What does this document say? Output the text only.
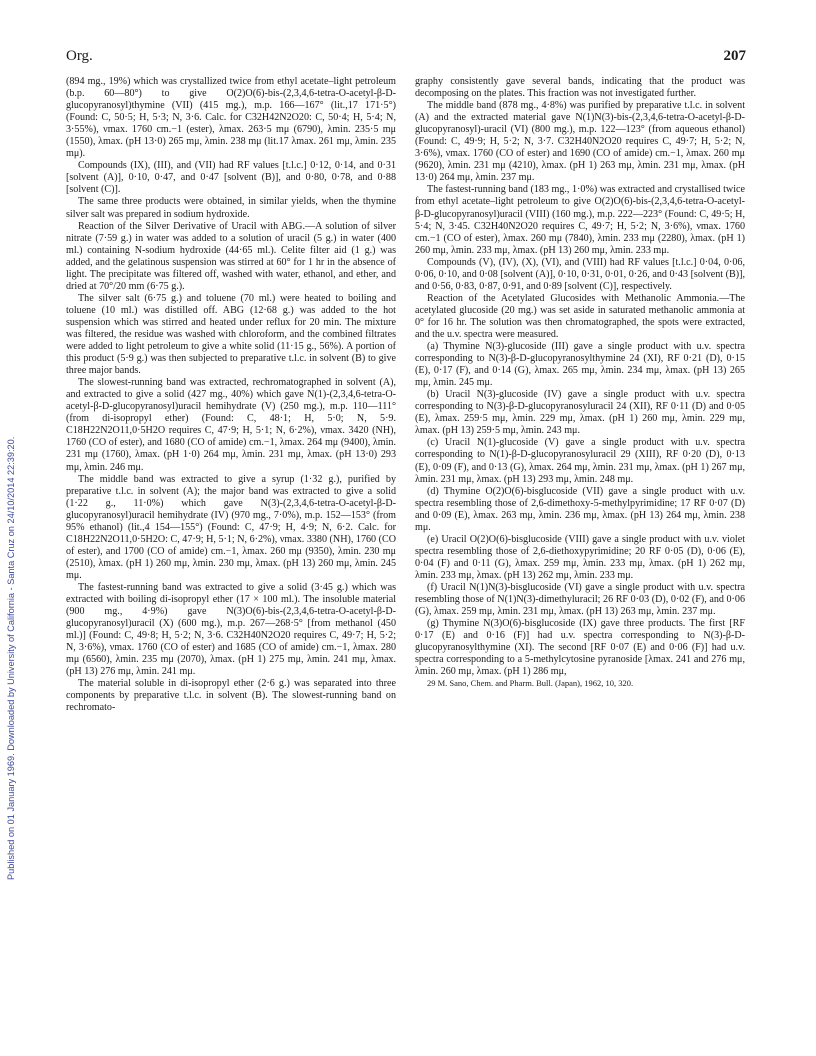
Org.	207
Published on 01 January 1969. Downloaded by University of California - Santa Cruz on 24/10/2014 22:39:20.

(894 mg., 19%) which was crystallized twice from ethyl acetate–light petroleum (b.p. 60—80°) to give O(2)O(6)-bis-(2,3,4,6-tetra-O-acetyl-β-D-glucopyranosyl)thymine (VII) (415 mg.), m.p. 166—167° (lit.,17 171·5°) (Found: C, 50·5; H, 5·3; N, 3·6. Calc. for C32H42N2O20: C, 50·4; H, 5·4; N, 3·55%), νmax. 1760 cm.−1 (ester), λmax. 263·5 mμ (6790), λmin. 235·5 mμ (1550), λmax. (pH 13·0) 265 mμ, λmin. 238 mμ (lit.17 λmax. 261 mμ, λmin. 235 mμ).

Compounds (IX), (III), and (VII) had RF values [t.l.c.] 0·12, 0·14, and 0·31 [solvent (A)], 0·10, 0·47, and 0·47 [solvent (B)], and 0·80, 0·78, and 0·88 [solvent (C)].

The same three products were obtained, in similar yields, when the thymine silver salt was prepared in sodium hydroxide.

Reaction of the Silver Derivative of Uracil with ABG.—A solution of silver nitrate (7·59 g.) in water was added to a solution of uracil (5 g.) in water (400 ml.) containing N-sodium hydroxide (44·65 ml.). Celite filter aid (1 g.) was added, and the gelatinous suspension was stirred at 60° for 1 hr in the absence of light. The precipitate was filtered off, washed with water, ethanol, and ether, and dried at 70°/20 mm (6·75 g.).

The silver salt (6·75 g.) and toluene (70 ml.) were heated to boiling and toluene (10 ml.) was distilled off. ABG (12·68 g.) was added to the hot suspension which was stirred and heated under reflux for 20 min. The mixture was filtered, the residue was washed with chloroform, and the combined filtrates were added to light petroleum to give a white solid (11·15 g., 56%). A portion of this product (5·9 g.) was then subjected to preparative t.l.c. in solvent (B) to give three major bands.

The slowest-running band was extracted, rechromatographed in solvent (A), and extracted to give a solid (427 mg., 40%) which gave N(1)-(2,3,4,6-tetra-O-acetyl-β-D-glucopyranosyl)uracil hemihydrate (V) (250 mg.), m.p. 110—111° (from di-isopropyl ether) (Found: C, 48·1; H, 5·0; N, 5·9. C18H22N2O11,0·5H2O requires C, 47·9; H, 5·1; N, 6·2%), νmax. 3420 (NH), 1760 (CO of ester), and 1680 (CO of amide) cm.−1, λmax. 264 mμ (9400), λmin. 231 mμ (1760), λmax. (pH 1·0) 264 mμ, λmin. 231 mμ, λmax. (pH 13·0) 293 mμ, λmin. 246 mμ.

The middle band was extracted to give a syrup (1·32 g.), purified by preparative t.l.c. in solvent (A); the major band was extracted to give a solid (1·22 g., 11·0%) which gave N(3)-(2,3,4,6-tetra-O-acetyl-β-D-glucopyranosyl)uracil hemihydrate (IV) (970 mg., 7·0%), m.p. 152—153° (from 95% ethanol) (lit.,4 154—155°) (Found: C, 47·9; H, 4·9; N, 6·2. Calc. for C18H22N2O11,0·5H2O: C, 47·9; H, 5·1; N, 6·2%), νmax. 3380 (NH), 1760 (CO of ester), and 1700 (CO of amide) cm.−1, λmax. 260 mμ (9350), λmin. 230 mμ (2510), λmax. (pH 1) 260 mμ, λmin. 230 mμ, λmax. (pH 13) 260 mμ, λmin. 245 mμ.

The fastest-running band was extracted to give a solid (3·45 g.) which was extracted with boiling di-isopropyl ether (17 × 100 ml.). The insoluble material (900 mg., 4·9%) gave N(3)O(6)-bis-(2,3,4,6-tetra-O-acetyl-β-D-glucopyranosyl)uracil (X) (600 mg.), m.p. 267—268·5° [from methanol (450 ml.)] (Found: C, 49·8; H, 5·2; N, 3·6. C32H40N2O20 requires C, 49·7; H, 5·2; N, 3·6%), νmax. 1760 (CO of ester) and 1685 (CO of amide) cm.−1, λmax. 280 mμ (6560), λmin. 235 mμ (2070), λmax. (pH 1) 275 mμ, λmin. 241 mμ, λmax. (pH 13) 276 mμ, λmin. 241 mμ.

The material soluble in di-isopropyl ether (2·6 g.) was separated into three components by preparative t.l.c. in solvent (B). The slowest-running band on rechromato-

graphy consistently gave several bands, indicating that the product was decomposing on the plates. This fraction was not investigated further.

The middle band (878 mg., 4·8%) was purified by preparative t.l.c. in solvent (A) and the extracted material gave N(1)N(3)-bis-(2,3,4,6-tetra-O-acetyl-β-D-glucopyranosyl)-uracil (VI) (800 mg.), m.p. 122—123° (from aqueous ethanol) (Found: C, 49·9; H, 5·2; N, 3·7. C32H40N2O20 requires C, 49·7; H, 5·2; N, 3·6%), νmax. 1760 (CO of ester) and 1690 (CO of amide) cm.−1, λmax. 260 mμ (9620), λmin. 231 mμ (4210), λmax. (pH 1) 263 mμ, λmin. 231 mμ, λmax. (pH 13·0) 264 mμ, λmin. 237 mμ.

The fastest-running band (183 mg., 1·0%) was extracted and crystallised twice from ethyl acetate–light petroleum to give O(2)O(6)-bis-(2,3,4,6-tetra-O-acetyl-β-D-glucopyranosyl)uracil (VIII) (160 mg.), m.p. 222—223° (Found: C, 49·5; H, 5·4; N, 3·45. C32H40N2O20 requires C, 49·7; H, 5·2; N, 3·6%), νmax. 1760 cm.−1 (CO of ester), λmax. 260 mμ (7840), λmin. 233 mμ (2280), λmax. (pH 1) 260 mμ, λmin. 233 mμ, λmax. (pH 13) 260 mμ, λmin. 233 mμ.

Compounds (V), (IV), (X), (VI), and (VIII) had RF values [t.l.c.] 0·04, 0·06, 0·06, 0·10, and 0·08 [solvent (A)], 0·10, 0·31, 0·01, 0·26, and 0·43 [solvent (B)], and 0·56, 0·83, 0·87, 0·91, and 0·89 [solvent (C)], respectively.

Reaction of the Acetylated Glucosides with Methanolic Ammonia.—The acetylated glucoside (20 mg.) was set aside in saturated methanolic ammonia at 0° for 16 hr. The solution was then chromatographed, the spots were extracted, and the u.v. spectra were measured.

(a) Thymine N(3)-glucoside (III) gave a single product with u.v. spectra corresponding to N(3)-β-D-glucopyranosylthymine 24 (XI), RF 0·21 (D), 0·15 (E), 0·17 (F), and 0·14 (G), λmax. 265 mμ, λmin. 234 mμ, λmax. (pH 13) 265 mμ, λmin. 245 mμ.

(b) Uracil N(3)-glucoside (IV) gave a single product with u.v. spectra corresponding to N(3)-β-D-glucopyranosyluracil 24 (XII), RF 0·11 (D) and 0·05 (E), λmax. 259·5 mμ, λmin. 229 mμ, λmax. (pH 1) 260 mμ, λmin. 229 mμ, λmax. (pH 13) 259·5 mμ, λmin. 243 mμ.

(c) Uracil N(1)-glucoside (V) gave a single product with u.v. spectra corresponding to N(1)-β-D-glucopyranosyluracil 29 (XIII), RF 0·20 (D), 0·13 (E), 0·09 (F), and 0·13 (G), λmax. 264 mμ, λmin. 231 mμ, λmax. (pH 1) 267 mμ, λmin. 231 mμ, λmax. (pH 13) 293 mμ, λmin. 248 mμ.

(d) Thymine O(2)O(6)-bisglucoside (VII) gave a single product with u.v. spectra resembling those of 2,6-dimethoxy-5-methylpyrimidine; 17 RF 0·07 (D) and 0·09 (E), λmax. 263 mμ, λmin. 236 mμ, λmax. (pH 13) 264 mμ, λmin. 238 mμ.

(e) Uracil O(2)O(6)-bisglucoside (VIII) gave a single product with u.v. violet spectra resembling those of 2,6-diethoxypyrimidine; 20 RF 0·05 (D), 0·06 (E), 0·04 (F) and 0·11 (G), λmax. 259 mμ, λmin. 233 mμ, λmax. (pH 1) 262 mμ, λmin. 233 mμ, λmax. (pH 13) 262 mμ, λmin. 233 mμ.

(f) Uracil N(1)N(3)-bisglucoside (VI) gave a single product with u.v. spectra resembling those of N(1)N(3)-dimethyluracil; 26 RF 0·03 (D), 0·02 (F), and 0·06 (G), λmax. 259 mμ, λmin. 231 mμ, λmax. (pH 13) 263 mμ, λmin. 237 mμ.

(g) Thymine N(3)O(6)-bisglucoside (IX) gave three products. The first [RF 0·17 (E) and 0·16 (F)] had u.v. spectra corresponding to N(3)-β-D-glucopyranosylthymine (XI). The second [RF 0·07 (E) and 0·06 (F)] had u.v. spectra corresponding to a 5-methylcytosine pyranoside [λmax. 241 and 276 mμ, λmin. 260 mμ, λmax. (pH 1) 286 mμ,

29 M. Sano, Chem. and Pharm. Bull. (Japan), 1962, 10, 320.
